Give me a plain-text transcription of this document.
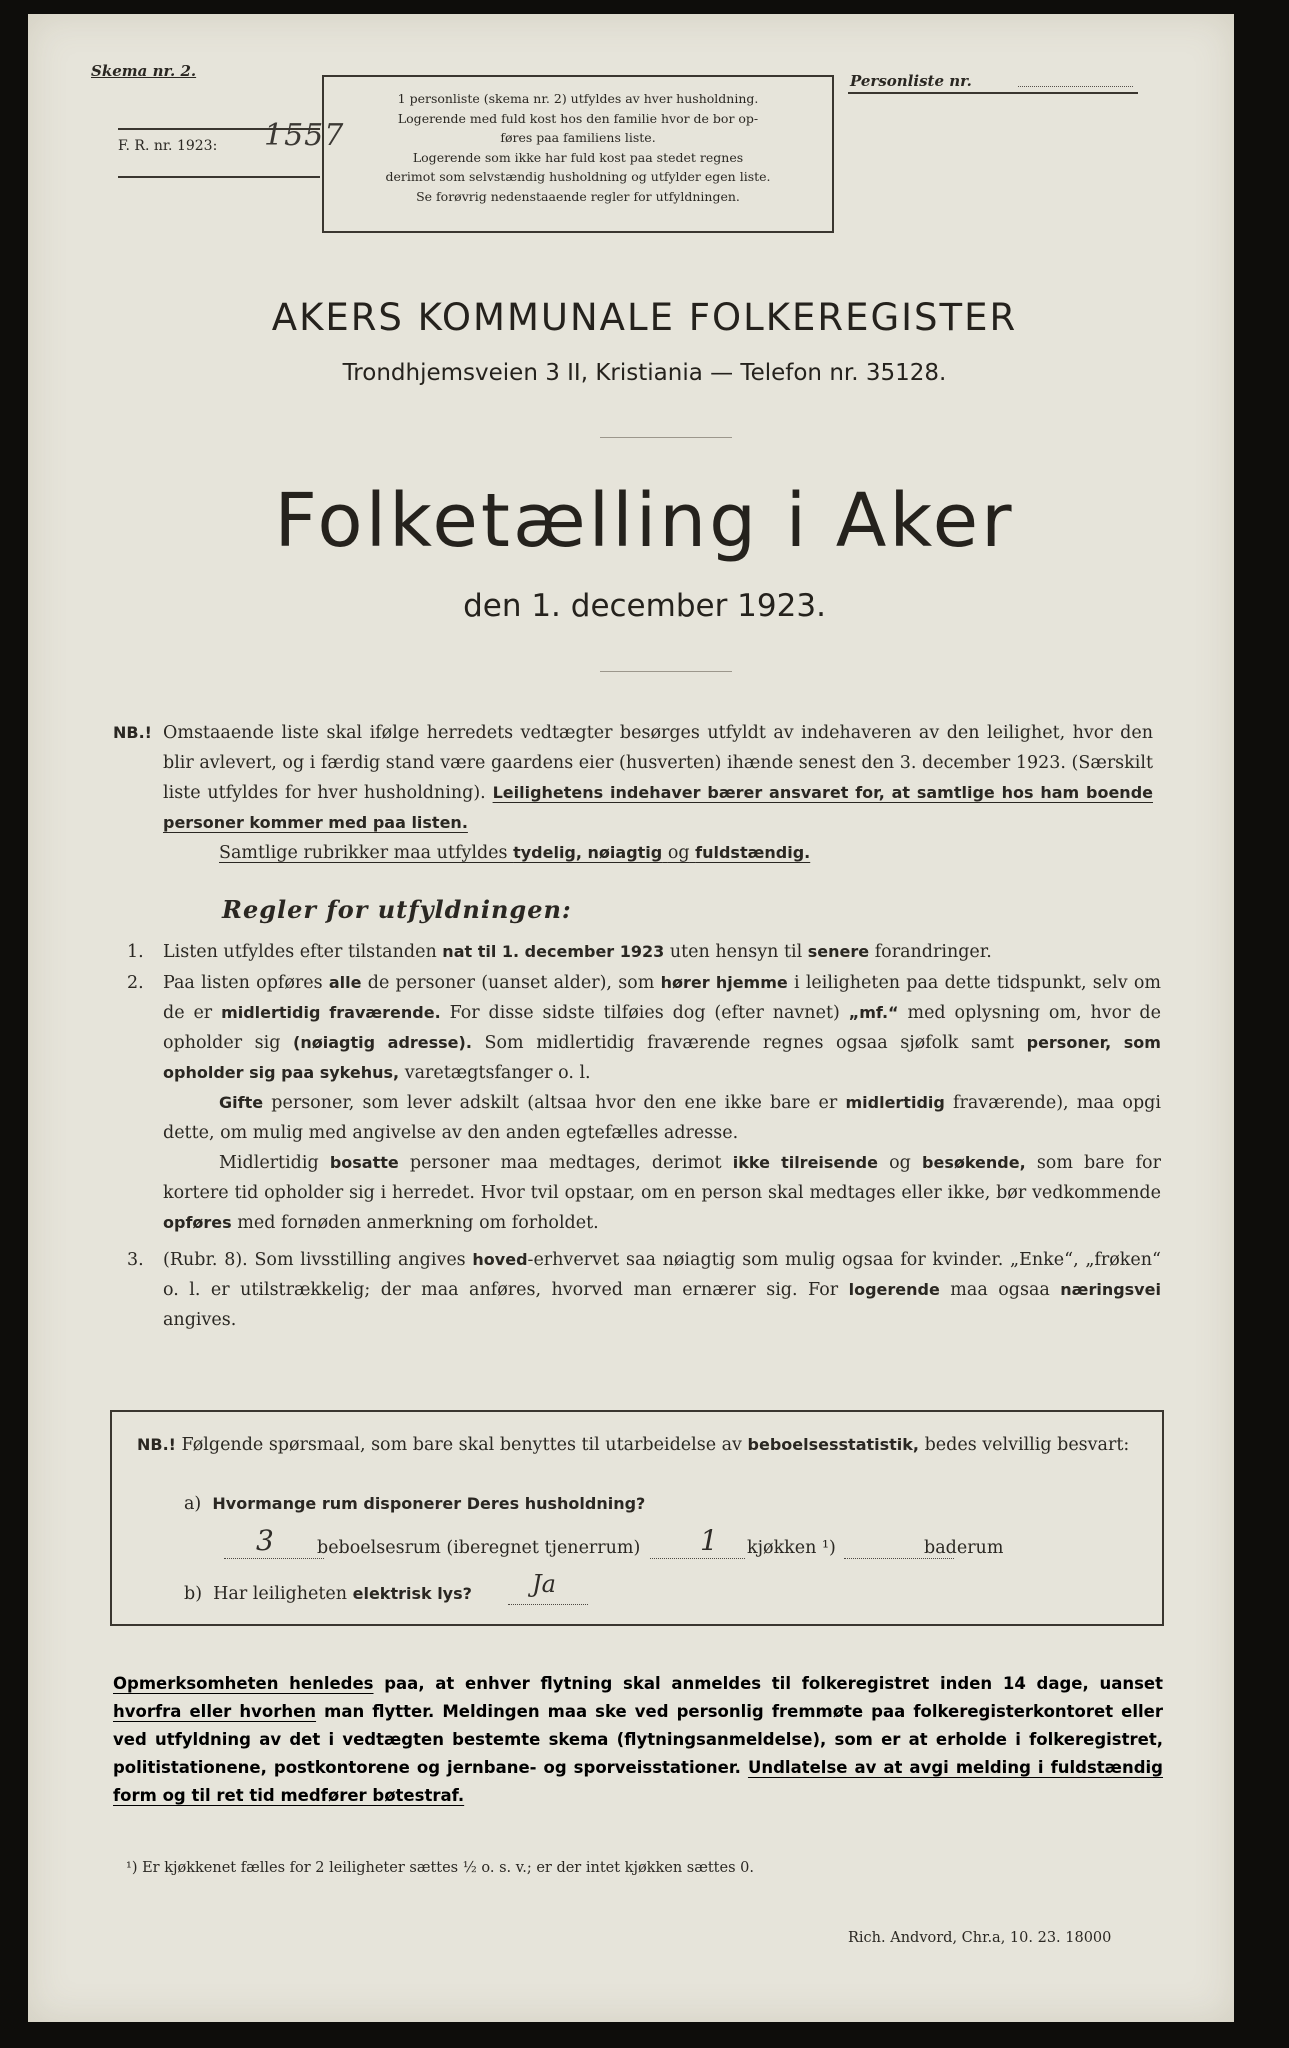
Skema nr. 2.
F. R. nr. 1923: 1557

1 personliste (skema nr. 2) utfyldes av hver husholdning.

Logerende med fuld kost hos den familie hvor de bor op-

føres paa familiens liste.

Logerende som ikke har fuld kost paa stedet regnes

derimot som selvstændig husholdning og utfylder egen liste.

Se forøvrig nedenstaaende regler for utfyldningen.

Personliste nr.
AKERS KOMMUNALE FOLKEREGISTER
Trondhjemsveien 3 II, Kristiania — Telefon nr. 35128.
Folketælling i Aker
den 1. december 1923.
NB.! Omstaaende liste skal ifølge herredets vedtægter besørges utfyldt av indehaveren av den leilighet, hvor den blir avlevert, og i færdig stand være gaardens eier (husverten) ihænde senest den 3. december 1923. (Særskilt liste utfyldes for hver husholdning). Leilighetens indehaver bærer ansvaret for, at samtlige hos ham boende personer kommer med paa listen.
Samtlige rubrikker maa utfyldes tydelig, nøiagtig og fuldstændig.
Regler for utfyldningen:
1. Listen utfyldes efter tilstanden nat til 1. december 1923 uten hensyn til senere forandringer.
2. Paa listen opføres alle de personer (uanset alder), som hører hjemme i leiligheten paa dette tidspunkt, selv om de er midlertidig fraværende. For disse sidste tilføies dog (efter navnet) „mf.“ med oplysning om, hvor de opholder sig (nøiagtig adresse). Som midlertidig fraværende regnes ogsaa sjøfolk samt personer, som opholder sig paa sykehus, varetægtsfanger o. l.
Gifte personer, som lever adskilt (altsaa hvor den ene ikke bare er midlertidig fraværende), maa opgi dette, om mulig med angivelse av den anden egtefælles adresse.
Midlertidig bosatte personer maa medtages, derimot ikke tilreisende og besøkende, som bare for kortere tid opholder sig i herredet. Hvor tvil opstaar, om en person skal medtages eller ikke, bør vedkommende opføres med fornøden anmerkning om forholdet.
3. (Rubr. 8). Som livsstilling angives hoved-erhvervet saa nøiagtig som mulig ogsaa for kvinder. „Enke“, „frøken“ o. l. er utilstrækkelig; der maa anføres, hvorved man ernærer sig. For logerende maa ogsaa næringsvei angives.
NB.! Følgende spørsmaal, som bare skal benyttes til utarbeidelse av beboelsesstatistik, bedes velvillig besvart:
a) Hvormange rum disponerer Deres husholdning?
3 beboelsesrum (iberegnet tjenerrum) 1 kjøkken ¹)	baderum
b) Har leiligheten elektrisk lys?	Ja
Opmerksomheten henledes paa, at enhver flytning skal anmeldes til folkeregistret inden 14 dage, uanset hvorfra eller hvorhen man flytter. Meldingen maa ske ved personlig fremmøte paa folkeregisterkontoret eller ved utfyldning av det i vedtægten bestemte skema (flytningsanmeldelse), som er at erholde i folkeregistret, politistationene, postkontorene og jernbane- og sporveisstationer. Undlatelse av at avgi melding i fuldstændig form og til ret tid medfører bøtestraf.
¹) Er kjøkkenet fælles for 2 leiligheter sættes ½ o. s. v.; er der intet kjøkken sættes 0.
Rich. Andvord, Chr.a, 10. 23. 18000
